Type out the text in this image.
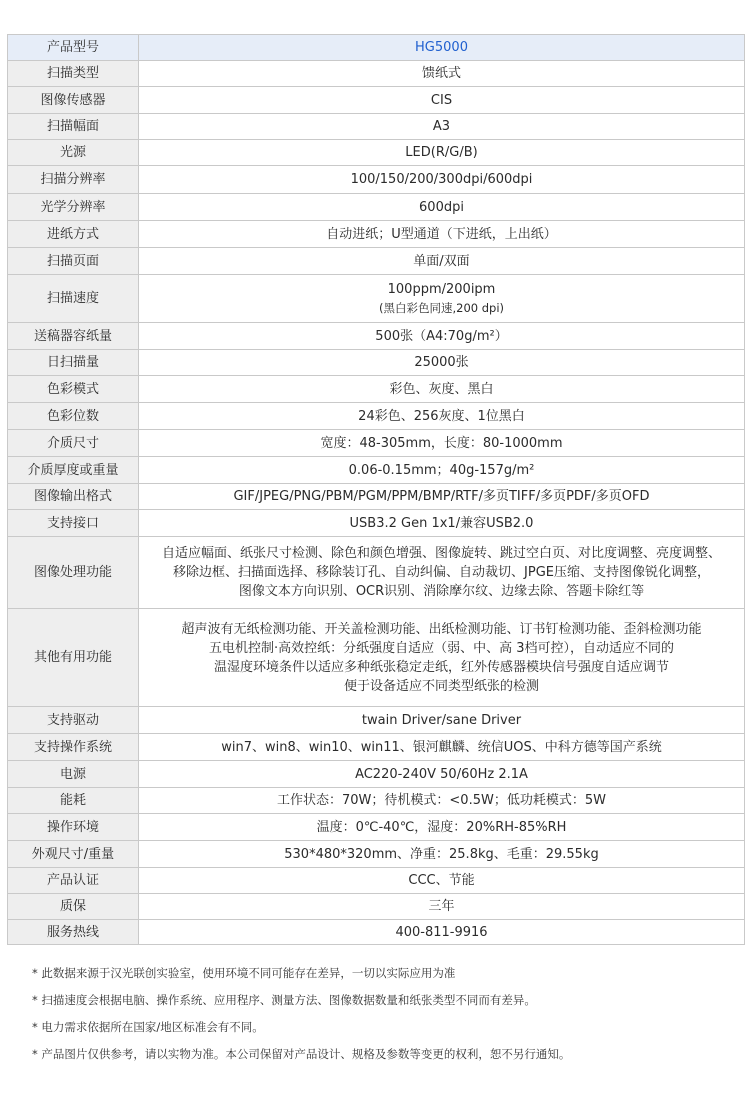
产品型号	HG5000

扫描类型	馈纸式

图像传感器	CIS

扫描幅面	A3

光源	LED(R/G/B)

扫描分辨率	100/150/200/300dpi/600dpi

光学分辨率	600dpi

进纸方式	自动进纸；U型通道（下进纸，上出纸）

扫描页面	单面/双面

扫描速度	100ppm/200ipm
(黑白彩色同速,200 dpi)

送稿器容纸量	500张（A4:70g/m²）

日扫描量	25000张

色彩模式	彩色、灰度、黑白

色彩位数	24彩色、256灰度、1位黑白

介质尺寸	宽度：48-305mm，长度：80-1000mm

介质厚度或重量	0.06-0.15mm；40g-157g/m²

图像输出格式	GIF/JPEG/PNG/PBM/PGM/PPM/BMP/RTF/多页TIFF/多页PDF/多页OFD

支持接口	USB3.2 Gen 1x1/兼容USB2.0

图像处理功能	自适应幅面、纸张尺寸检测、除色和颜色增强、图像旋转、跳过空白页、对比度调整、亮度调整、
移除边框、扫描面选择、移除装订孔、自动纠偏、自动裁切、JPGE压缩、支持图像锐化调整，
图像文本方向识别、OCR识别、消除摩尔纹、边缘去除、答题卡除红等

其他有用功能	超声波有无纸检测功能、开关盖检测功能、出纸检测功能、订书钉检测功能、歪斜检测功能
五电机控制·高效控纸：分纸强度自适应（弱、中、高 3档可控），自动适应不同的
温湿度环境条件以适应多种纸张稳定走纸，红外传感器模块信号强度自适应调节
便于设备适应不同类型纸张的检测

支持驱动	twain Driver/sane Driver

支持操作系统	win7、win8、win10、win11、银河麒麟、统信UOS、中科方德等国产系统

电源	AC220-240V 50/60Hz 2.1A

能耗	工作状态：70W；待机模式：<0.5W；低功耗模式：5W

操作环境	温度：0℃-40℃，湿度：20%RH-85%RH

外观尺寸/重量	530*480*320mm、净重：25.8kg、毛重：29.55kg

产品认证	CCC、节能

质保	三年

服务热线	400-811-9916
* 此数据来源于汉光联创实验室，使用环境不同可能存在差异，一切以实际应用为准
* 扫描速度会根据电脑、操作系统、应用程序、测量方法、图像数据数量和纸张类型不同而有差异。
* 电力需求依据所在国家/地区标准会有不同。
* 产品图片仅供参考，请以实物为准。本公司保留对产品设计、规格及参数等变更的权利，恕不另行通知。
